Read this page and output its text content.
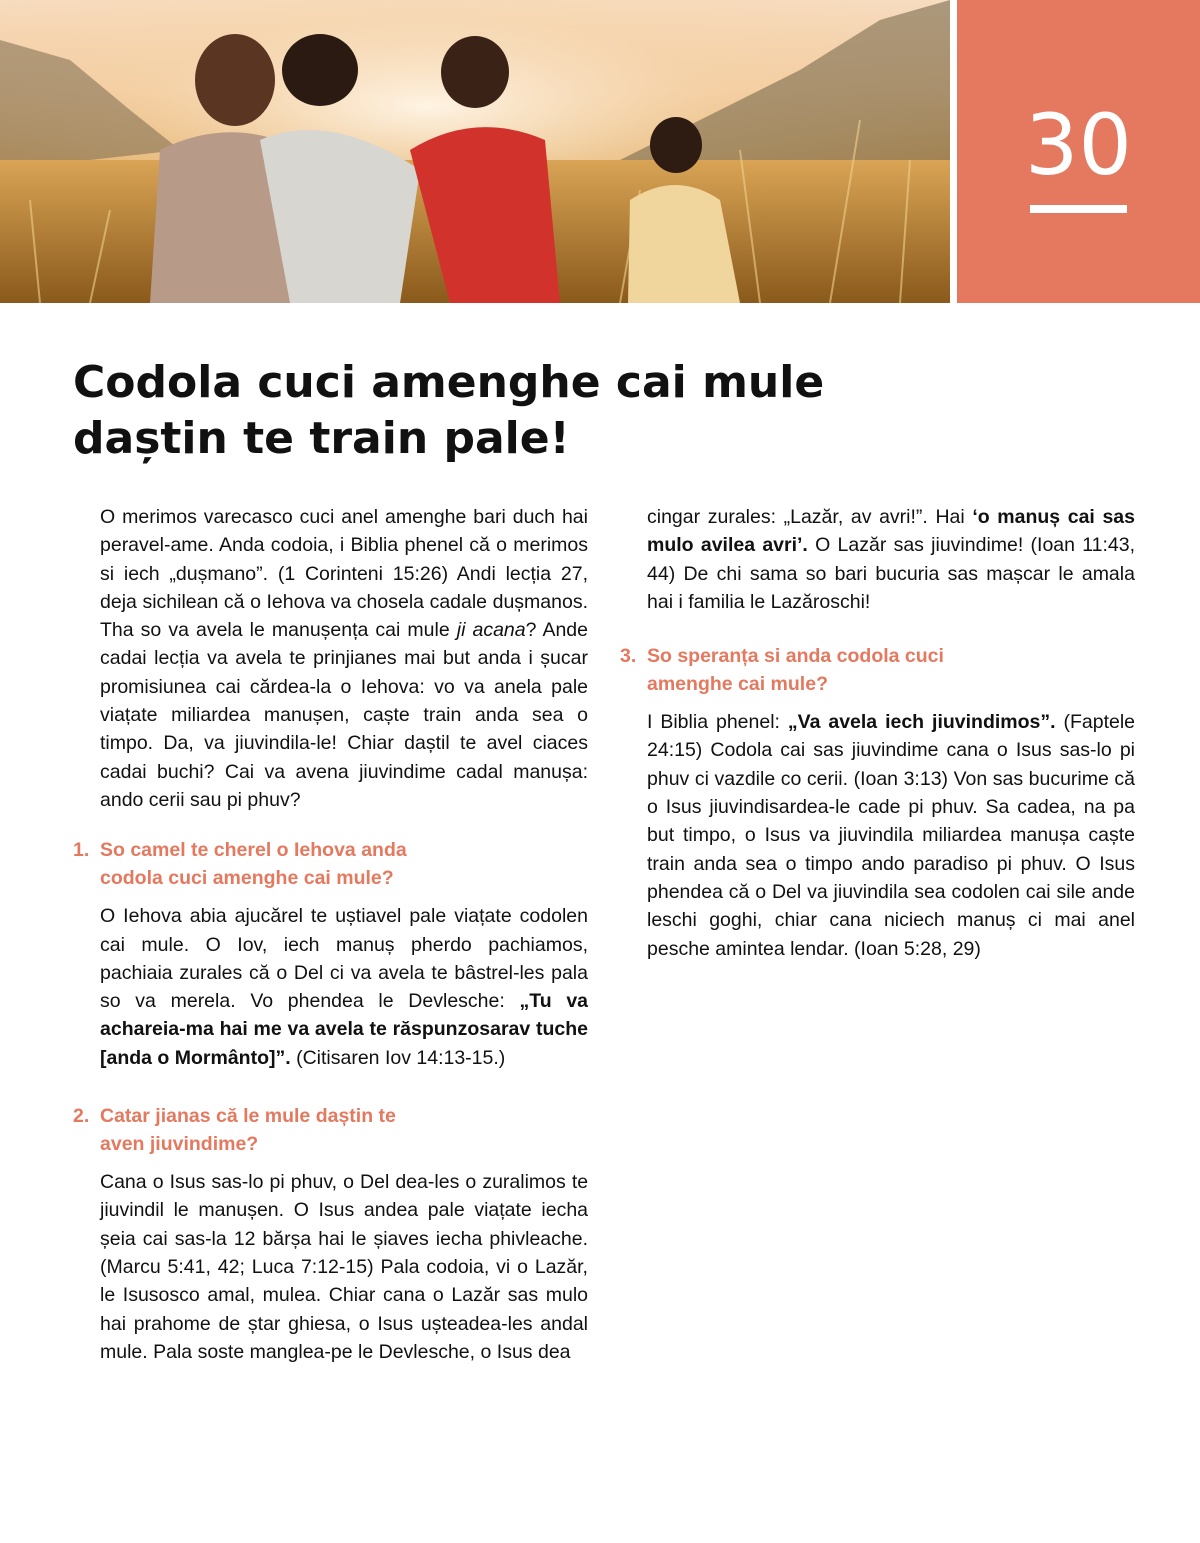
30
Codola cuci amenghe cai mule
daștin te train pale!

O merimos varecasco cuci anel amenghe bari duch hai peravel-ame. Anda codoia, i Biblia phenel că o merimos si iech „dușmano”. (1 Corinteni 15:26) Andi lecția 27, deja sichilean că o Iehova va chosela cadale dușmanos. Tha so va avela le manușența cai mule ji acana? Ande cadai lecția va avela te prinjianes mai but anda i șucar promisiunea cai cărdea-la o Iehova: vo va anela pale viațate miliardea manușen, caște train anda sea o timpo. Da, va jiuvindila-le! Chiar daștil te avel ciaces cadai buchi? Cai va avena jiuvindime cadal manușa: ando cerii sau pi phuv?

1. So camel te cherel o Iehova anda codola cuci amenghe cai mule?

O Iehova abia ajucărel te uștiavel pale viațate codolen cai mule. O Iov, iech manuș pherdo pachiamos, pachiaia zurales că o Del ci va avela te bâstrel-les pala so va merela. Vo phendea le Devlesche: „Tu va achareia-ma hai me va avela te răspunzosarav tuche [anda o Mormânto]”. (Citisaren Iov 14:13-15.)

2. Catar jianas că le mule daștin te aven jiuvindime?

Cana o Isus sas-lo pi phuv, o Del dea-les o zuralimos te jiuvindil le manușen. O Isus andea pale viațate iecha șeia cai sas-la 12 bărșa hai le șiaves iecha phivleache. (Marcu 5:41, 42; Luca 7:12-15) Pala codoia, vi o Lazăr, le Isusosco amal, mulea. Chiar cana o Lazăr sas mulo hai prahome de ștar ghiesa, o Isus ușteadea-les andal mule. Pala soste manglea-pe le Devlesche, o Isus dea

cingar zurales: „Lazăr, av avri!”. Hai ‘o manuș cai sas mulo avilea avri’. O Lazăr sas jiuvindime! (Ioan 11:43, 44) De chi sama so bari bucuria sas mașcar le amala hai i familia le Lazăroschi!

3. So speranța si anda codola cuci amenghe cai mule?

I Biblia phenel: „Va avela iech jiuvindimos”. (Faptele 24:15) Codola cai sas jiuvindime cana o Isus sas-lo pi phuv ci vazdile co cerii. (Ioan 3:13) Von sas bucurime că o Isus jiuvindisardea-le cade pi phuv. Sa cadea, na pa but timpo, o Isus va jiuvindila miliardea manușa caște train anda sea o timpo ando paradiso pi phuv. O Isus phendea că o Del va jiuvindila sea codolen cai sile ande leschi goghi, chiar cana niciech manuș ci mai anel pesche amintea lendar. (Ioan 5:28, 29)
